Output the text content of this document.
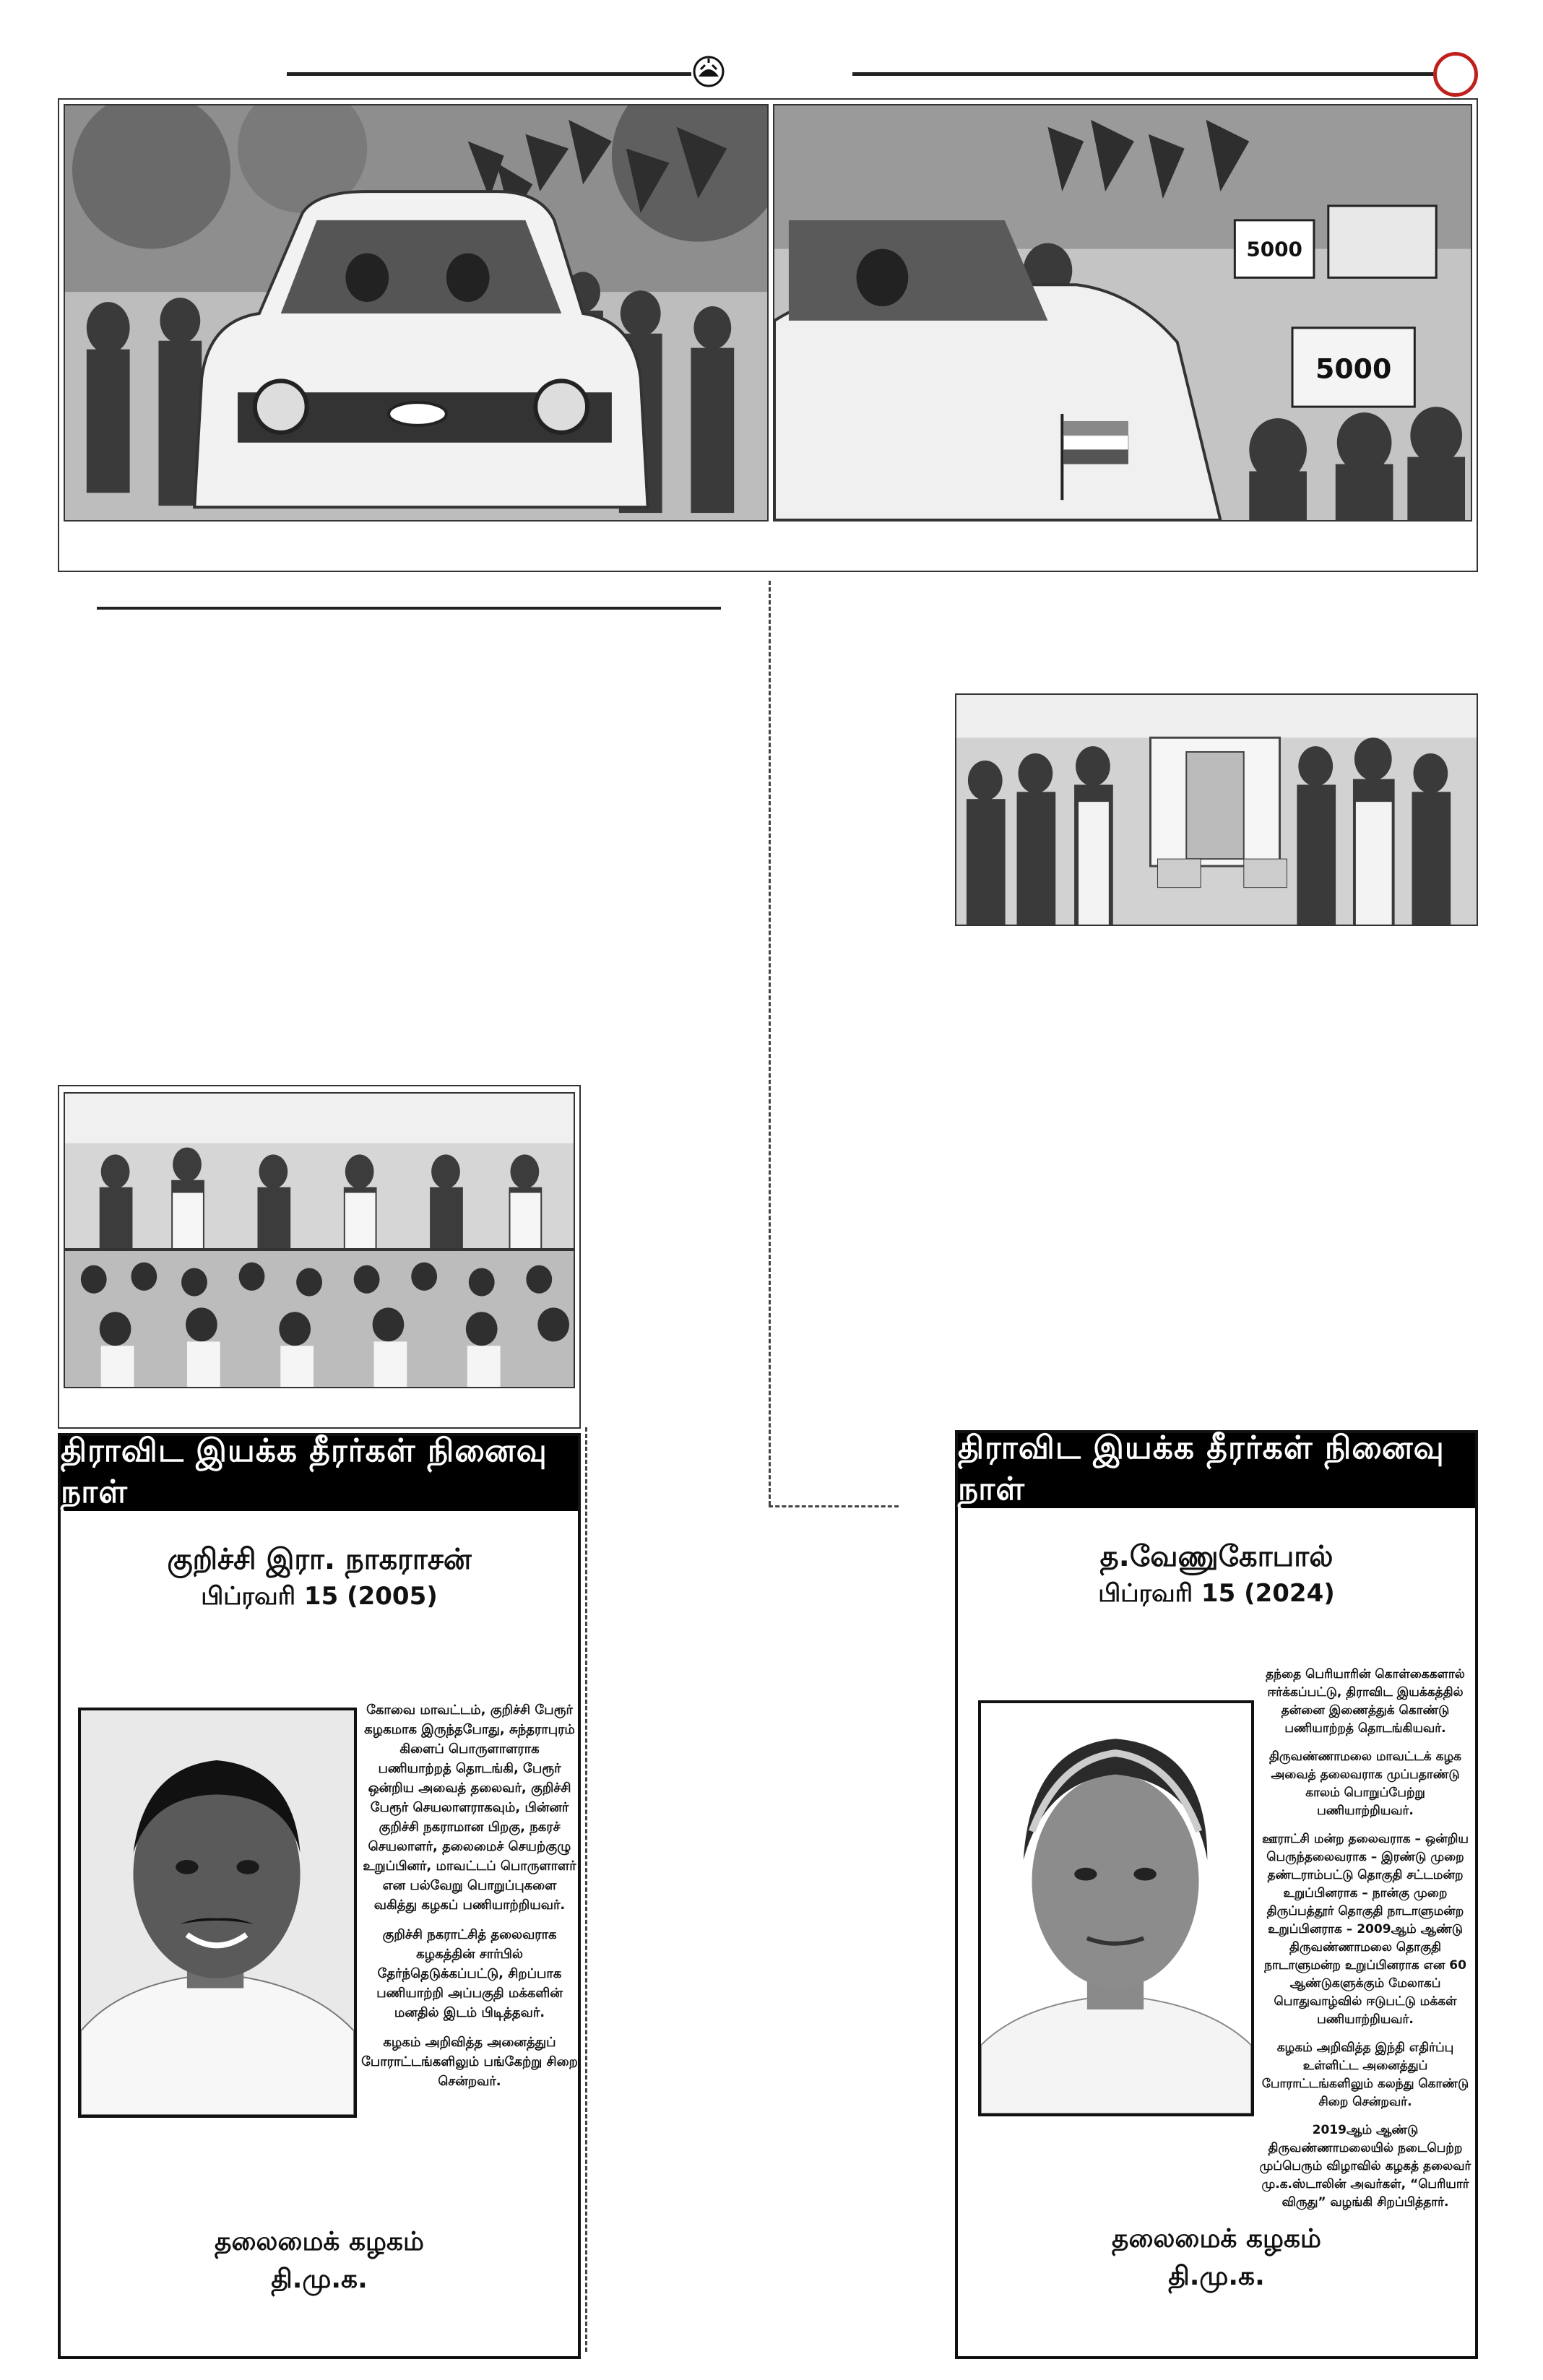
5000
5000
திராவிட இயக்க தீரர்கள் நினைவு நாள்
குறிச்சி இரா. நாகராசன்
பிப்ரவரி 15 (2005)

கோவை மாவட்டம், குறிச்சி பேரூர் கழகமாக இருந்தபோது, சுந்தராபுரம் கிளைப் பொருளாளராக பணியாற்றத் தொடங்கி, பேரூர் ஒன்றிய அவைத் தலைவர், குறிச்சி பேரூர் செயலாளராகவும், பின்னர் குறிச்சி நகராமான பிறகு, நகரச் செயலாளர், தலைமைச் செயற்குழு உறுப்பினர், மாவட்டப் பொருளாளர் என பல்வேறு பொறுப்புகளை வகித்து கழகப் பணியாற்றியவர்.

குறிச்சி நகராட்சித் தலைவராக கழகத்தின் சார்பில் தேர்ந்தெடுக்கப்பட்டு, சிறப்பாக பணியாற்றி அப்பகுதி மக்களின் மனதில் இடம் பிடித்தவர்.

கழகம் அறிவித்த அனைத்துப் போராட்டங்களிலும் பங்கேற்று சிறை சென்றவர்.

தலைமைக் கழகம்
தி.மு.க.
திராவிட இயக்க தீரர்கள் நினைவு நாள்
த.வேணுகோபால்
பிப்ரவரி 15 (2024)

தந்தை பெரியாரின் கொள்கைகளால் ஈர்க்கப்பட்டு, திராவிட இயக்கத்தில் தன்னை இணைத்துக் கொண்டு பணியாற்றத் தொடங்கியவர்.

திருவண்ணாமலை மாவட்டக் கழக அவைத் தலைவராக முப்பதாண்டு காலம் பொறுப்பேற்று பணியாற்றியவர்.

ஊராட்சி மன்ற தலைவராக – ஒன்றிய பெருந்தலைவராக – இரண்டு முறை தண்டராம்பட்டு தொகுதி சட்டமன்ற உறுப்பினராக – நான்கு முறை திருப்பத்தூர் தொகுதி நாடாளுமன்ற உறுப்பினராக – 2009ஆம் ஆண்டு திருவண்ணாமலை தொகுதி நாடாளுமன்ற உறுப்பினராக என 60 ஆண்டுகளுக்கும் மேலாகப் பொதுவாழ்வில் ஈடுபட்டு மக்கள் பணியாற்றியவர்.

கழகம் அறிவித்த இந்தி எதிர்ப்பு உள்ளிட்ட அனைத்துப் போராட்டங்களிலும் கலந்து கொண்டு சிறை சென்றவர்.

2019ஆம் ஆண்டு திருவண்ணாமலையில் நடைபெற்ற முப்பெரும் விழாவில் கழகத் தலைவர் மு.க.ஸ்டாலின் அவர்கள், “பெரியார் விருது” வழங்கி சிறப்பித்தார்.

தலைமைக் கழகம்
தி.மு.க.
